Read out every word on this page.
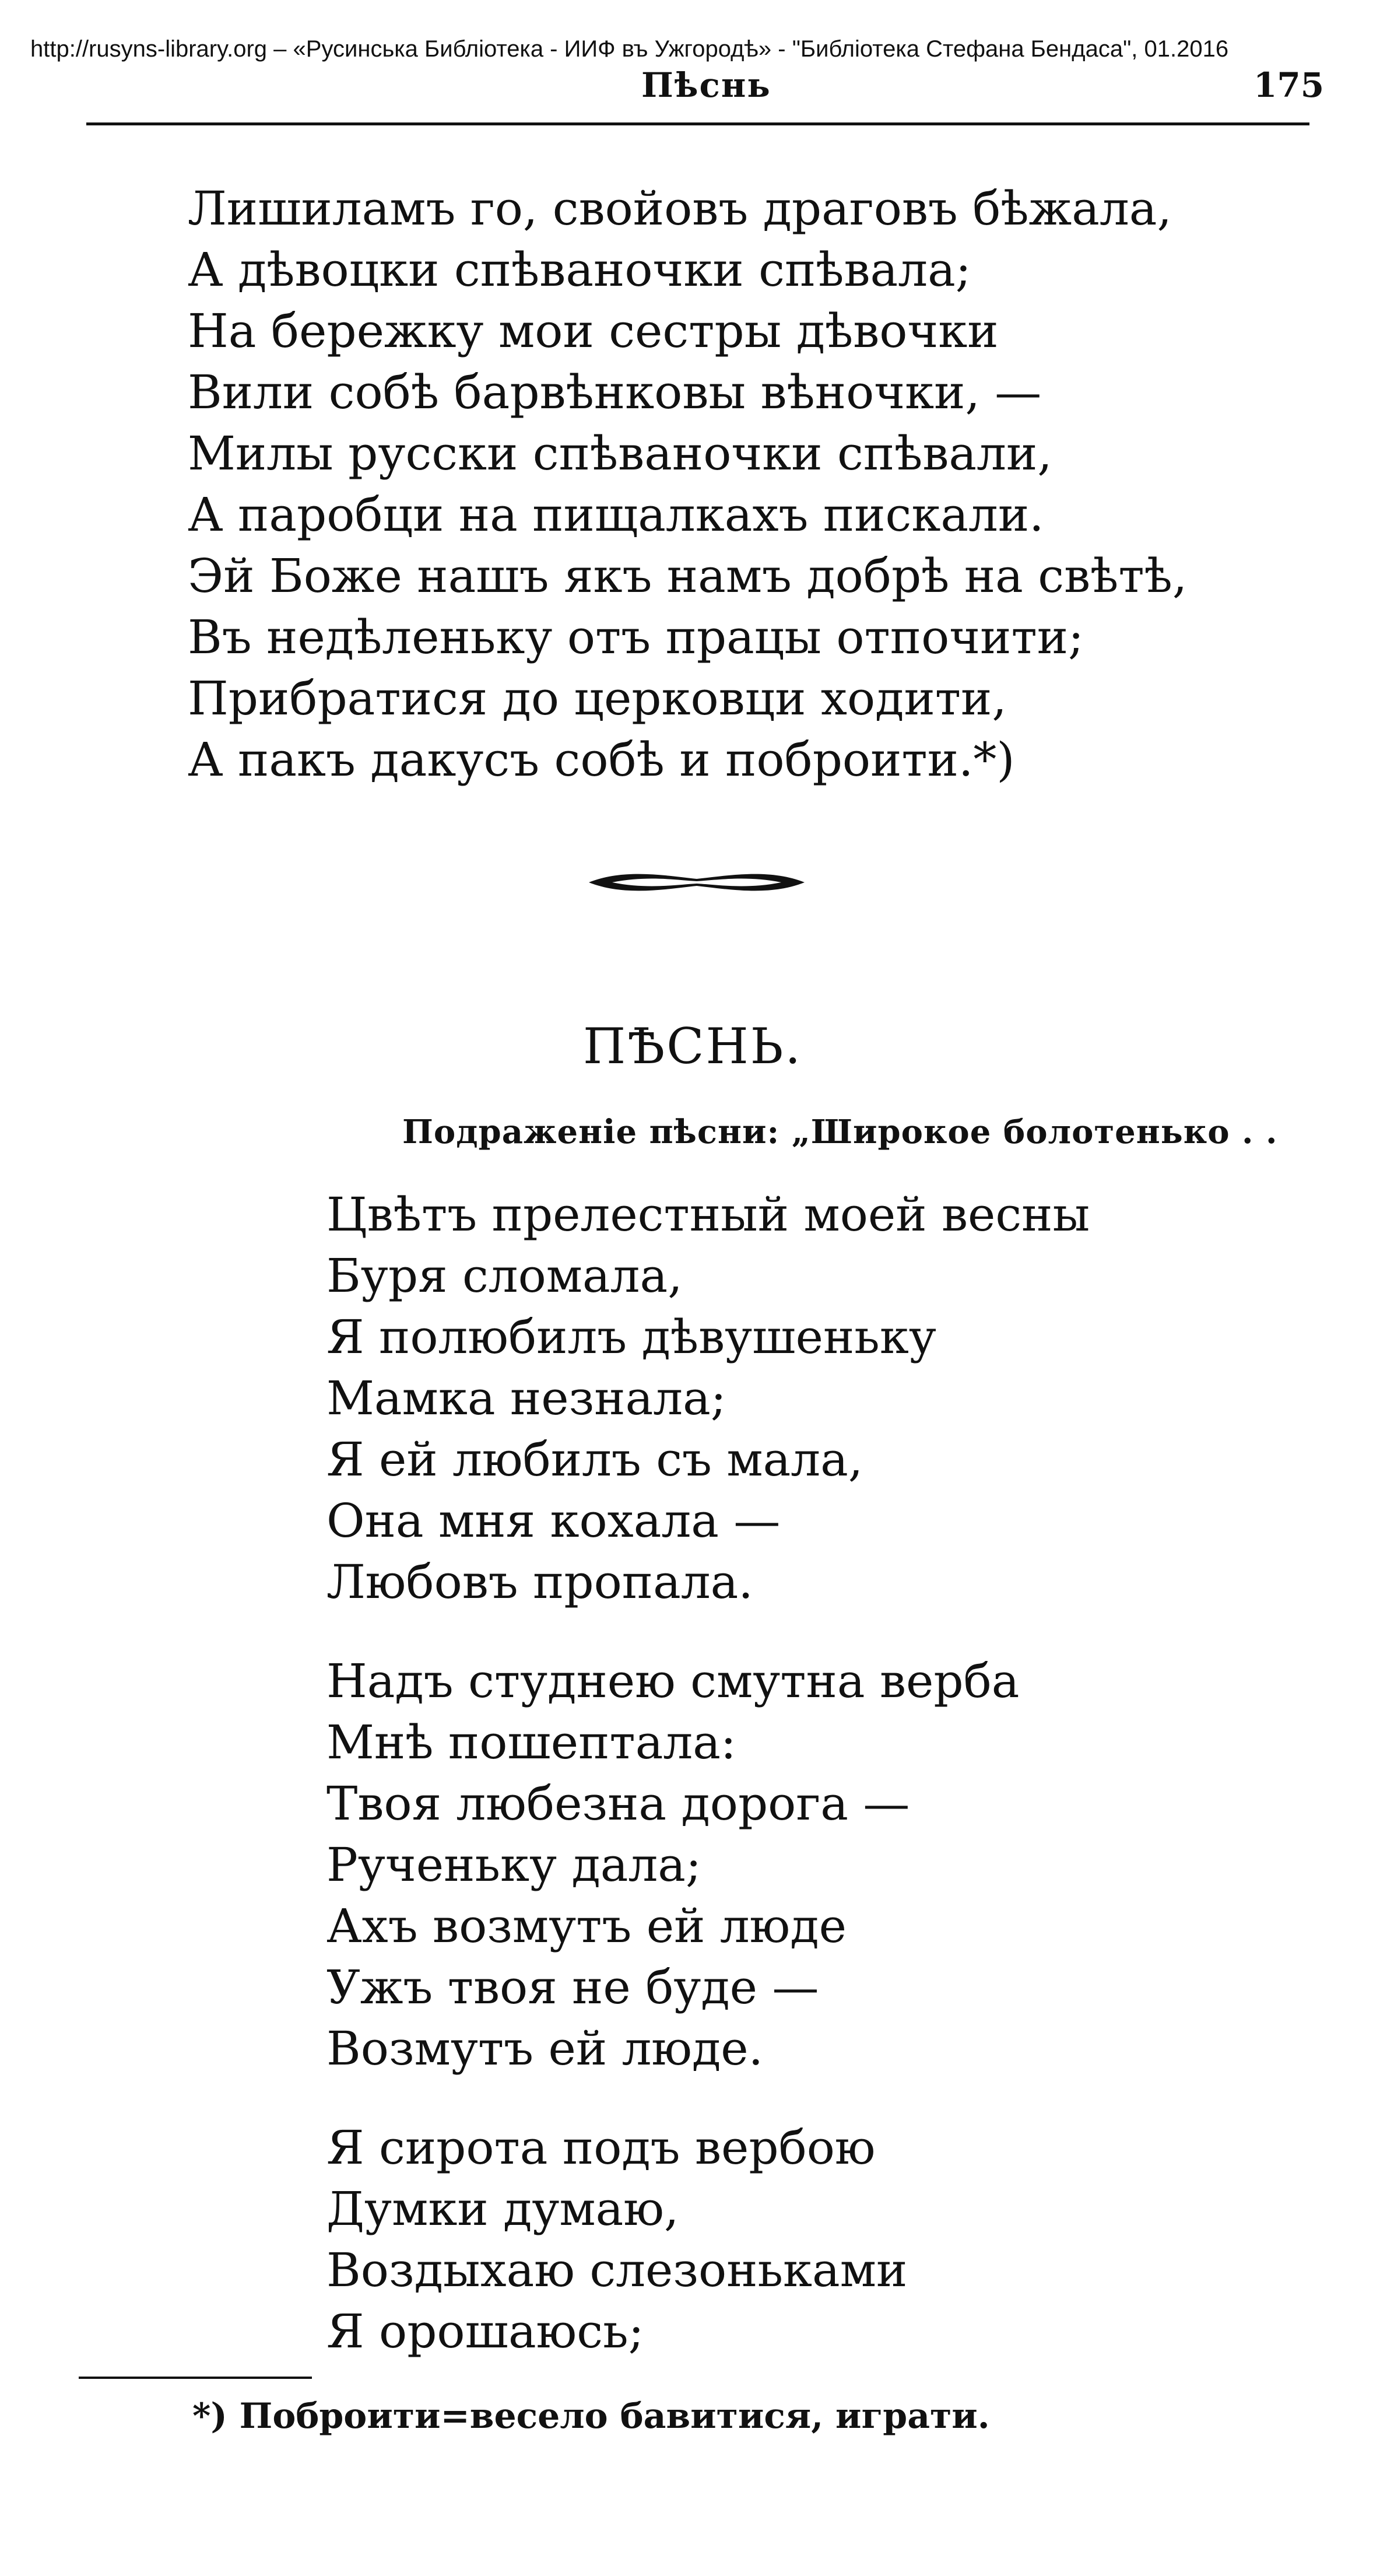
http://rusyns-library.org – «Русинська Библіотека - ИИФ въ Ужгородѣ» - "Библіотека Стефана Бендаса", 01.2016
Пѣснь	175
Лишиламъ го, свойовъ драговъ бѣжала,
А дѣвоцки спѣваночки спѣвала;
На бережку мои сестры дѣвочки
Вили собѣ барвѣнковы вѣночки, —
Милы русски спѣваночки спѣвали,
А паробци на пищалкахъ пискали.
Эй Боже нашъ якъ намъ добрѣ на свѣтѣ,
Въ недѣленьку отъ працы отпочити;
Прибратися до церковци ходити,
А пакъ дакусъ собѣ и поброити.*)
ПѢСНЬ.
Подраженіе пѣсни: „Широкое болотенько . .
Цвѣтъ прелестный моей весны
Буря сломала,
Я полюбилъ дѣвушеньку
Мамка незнала;
Я ей любилъ съ мала,
Она мня кохала —
Любовъ пропала.
Надъ студнею смутна верба
Мнѣ пошептала:
Твоя любезна дорога —
Рученьку дала;
Ахъ возмутъ ей люде
Ужъ твоя не буде —
Возмутъ ей люде.
Я сирота подъ вербою
Думки думаю,
Воздыхаю слезоньками
Я орошаюсь;
*) Поброити=весело бавитися, играти.
